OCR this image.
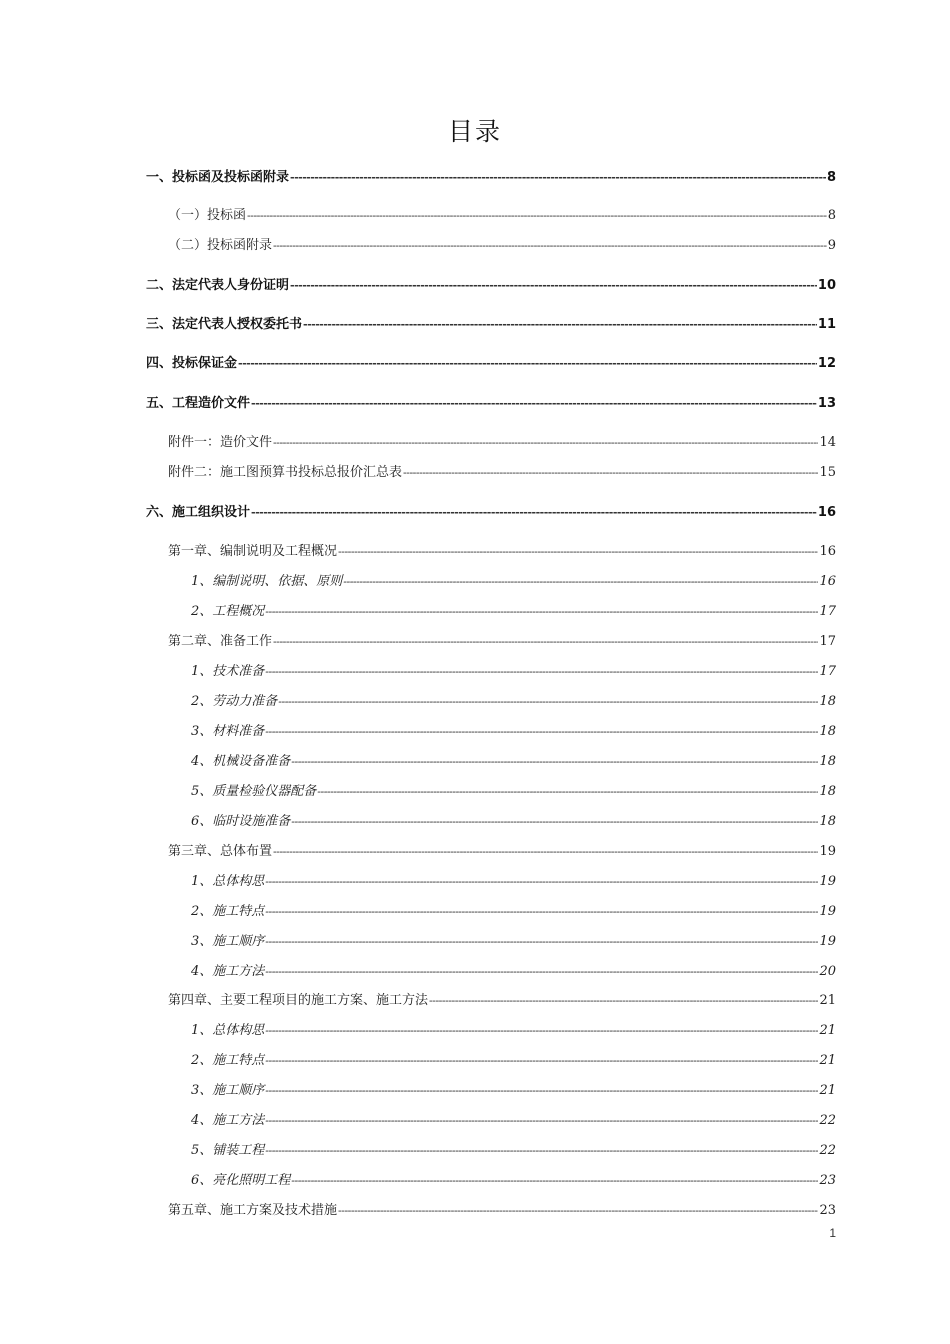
目录
一、投标函及投标函附录 -----	8
（一）投标函 -----	8
（二）投标函附录 -----	9
二、法定代表人身份证明 -----	10
三、法定代表人授权委托书 -----	11
四、投标保证金 -----	12
五、工程造价文件 -----	13
附件一：造价文件 -----	14
附件二：施工图预算书投标总报价汇总表 -----	15
六、施工组织设计 -----	16
第一章、编制说明及工程概况 -----	16
1、编制说明、依据、原则 -----	16
2、工程概况 -----	17
第二章、准备工作 -----	17
1、技术准备 -----	17
2、劳动力准备 -----	18
3、材料准备 -----	18
4、机械设备准备 -----	18
5、质量检验仪器配备 -----	18
6、临时设施准备 -----	18
第三章、总体布置 -----	19
1、总体构思 -----	19
2、施工特点 -----	19
3、施工顺序 -----	19
4、施工方法 -----	20
第四章、主要工程项目的施工方案、施工方法 -----	21
1、总体构思 -----	21
2、施工特点 -----	21
3、施工顺序 -----	21
4、施工方法 -----	22
5、铺装工程 -----	22
6、亮化照明工程 -----	23
第五章、施工方案及技术措施 -----	23
1
